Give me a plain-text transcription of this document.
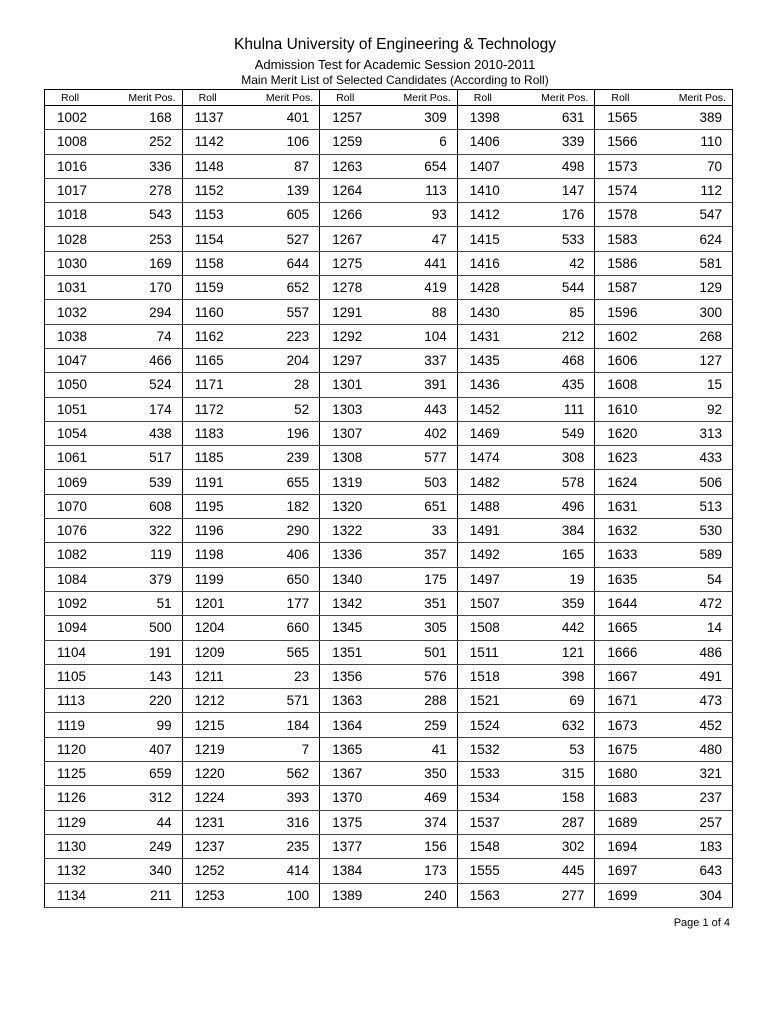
Khulna University of Engineering & Technology
Admission Test for Academic Session 2010-2011
Main Merit List of Selected Candidates (According to Roll)
Roll	Merit Pos.	Roll	Merit Pos.	Roll	Merit Pos.	Roll	Merit Pos.	Roll	Merit Pos.
1002	168	1137	401	1257	309	1398	631	1565	389
1008	252	1142	106	1259	6	1406	339	1566	110
1016	336	1148	87	1263	654	1407	498	1573	70
1017	278	1152	139	1264	113	1410	147	1574	112
1018	543	1153	605	1266	93	1412	176	1578	547
1028	253	1154	527	1267	47	1415	533	1583	624
1030	169	1158	644	1275	441	1416	42	1586	581
1031	170	1159	652	1278	419	1428	544	1587	129
1032	294	1160	557	1291	88	1430	85	1596	300
1038	74	1162	223	1292	104	1431	212	1602	268
1047	466	1165	204	1297	337	1435	468	1606	127
1050	524	1171	28	1301	391	1436	435	1608	15
1051	174	1172	52	1303	443	1452	111	1610	92
1054	438	1183	196	1307	402	1469	549	1620	313
1061	517	1185	239	1308	577	1474	308	1623	433
1069	539	1191	655	1319	503	1482	578	1624	506
1070	608	1195	182	1320	651	1488	496	1631	513
1076	322	1196	290	1322	33	1491	384	1632	530
1082	119	1198	406	1336	357	1492	165	1633	589
1084	379	1199	650	1340	175	1497	19	1635	54
1092	51	1201	177	1342	351	1507	359	1644	472
1094	500	1204	660	1345	305	1508	442	1665	14
1104	191	1209	565	1351	501	1511	121	1666	486
1105	143	1211	23	1356	576	1518	398	1667	491
1113	220	1212	571	1363	288	1521	69	1671	473
1119	99	1215	184	1364	259	1524	632	1673	452
1120	407	1219	7	1365	41	1532	53	1675	480
1125	659	1220	562	1367	350	1533	315	1680	321
1126	312	1224	393	1370	469	1534	158	1683	237
1129	44	1231	316	1375	374	1537	287	1689	257
1130	249	1237	235	1377	156	1548	302	1694	183
1132	340	1252	414	1384	173	1555	445	1697	643
1134	211	1253	100	1389	240	1563	277	1699	304
Page 1 of 4
